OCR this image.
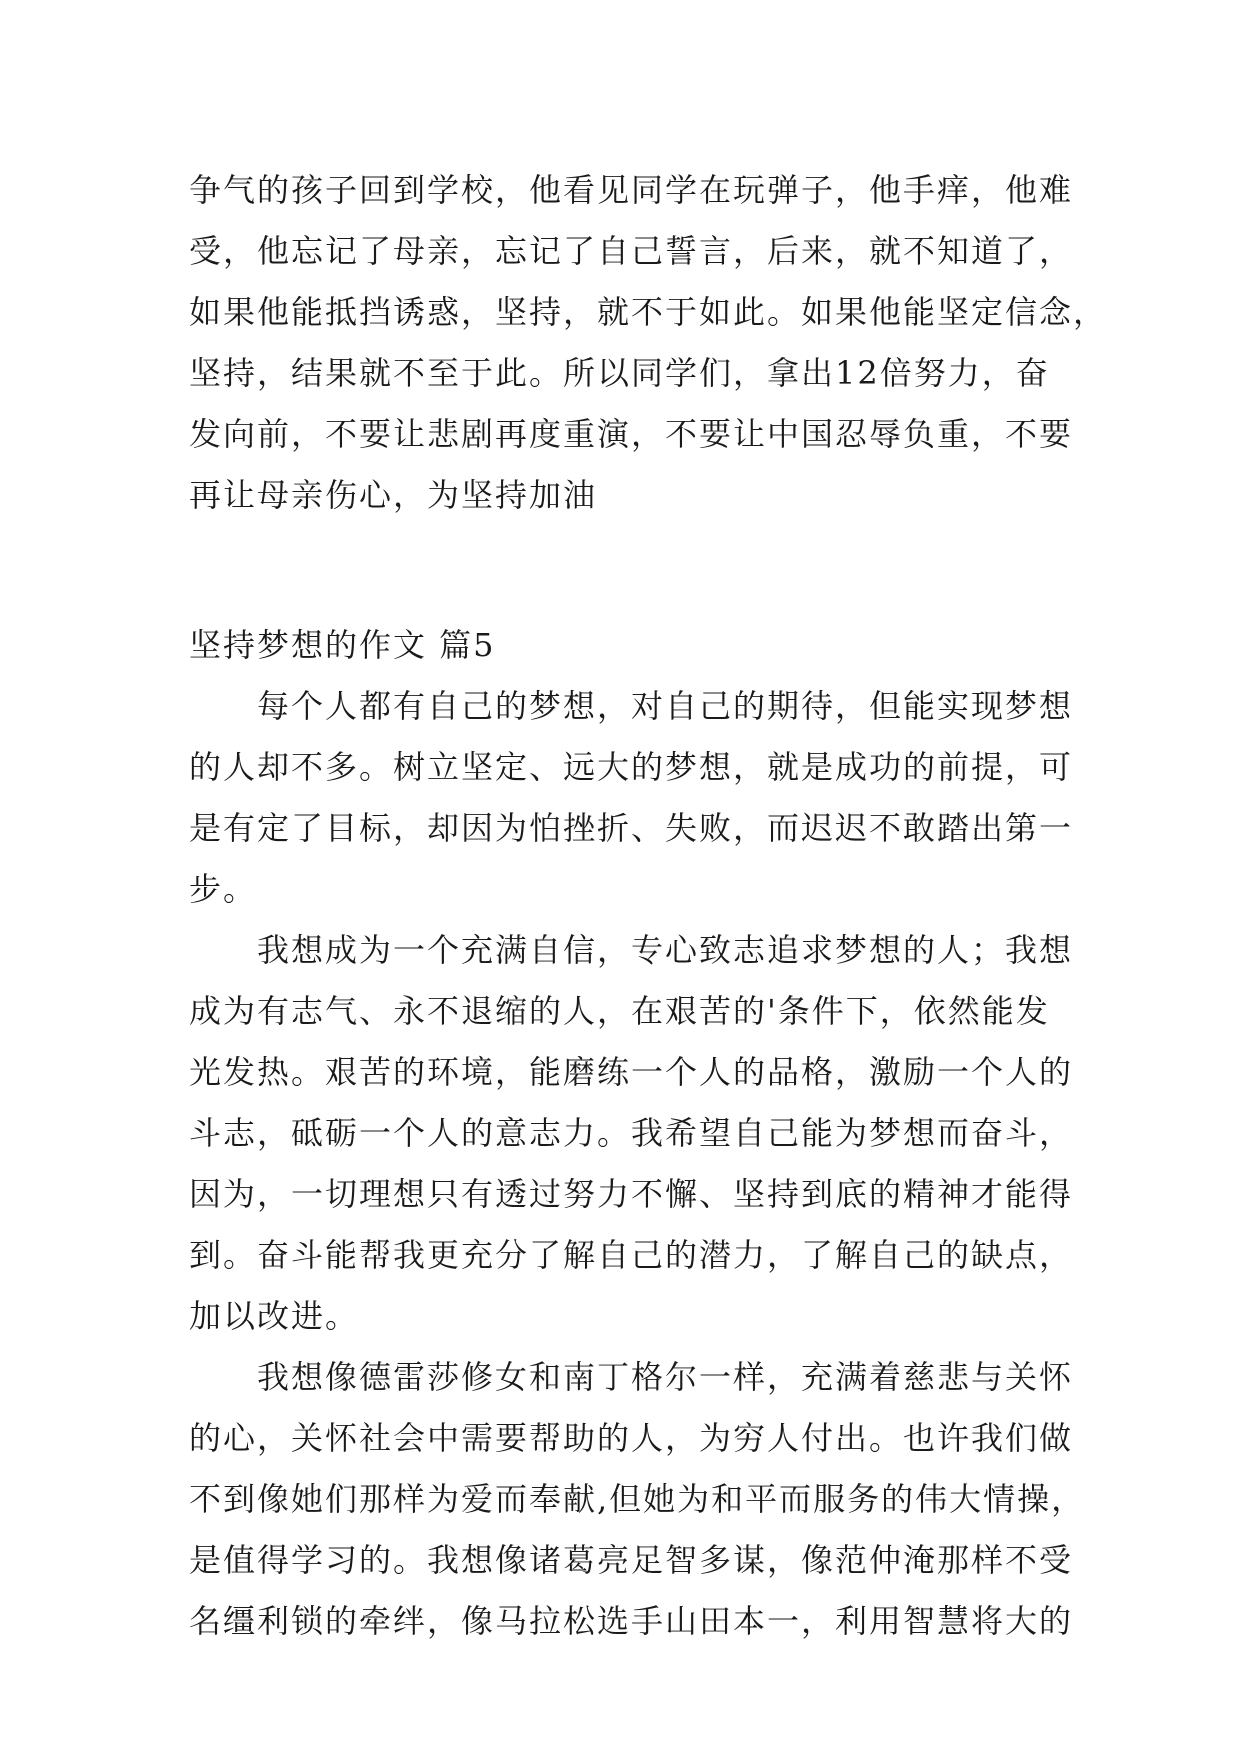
争气的孩子回到学校，他看见同学在玩弹子，他手痒，他难
受，他忘记了母亲，忘记了自己誓言，后来，就不知道了，
如果他能抵挡诱惑，坚持，就不于如此。如果他能坚定信念，
坚持，结果就不至于此。所以同学们，拿出12倍努力，奋
发向前，不要让悲剧再度重演，不要让中国忍辱负重，不要
再让母亲伤心，为坚持加油
坚持梦想的作文 篇5
每个人都有自己的梦想，对自己的期待，但能实现梦想
的人却不多。树立坚定、远大的梦想，就是成功的前提，可
是有定了目标，却因为怕挫折、失败，而迟迟不敢踏出第一
步。
我想成为一个充满自信，专心致志追求梦想的人；我想
成为有志气、永不退缩的人，在艰苦的'条件下，依然能发
光发热。艰苦的环境，能磨练一个人的品格，激励一个人的
斗志，砥砺一个人的意志力。我希望自己能为梦想而奋斗，
因为，一切理想只有透过努力不懈、坚持到底的精神才能得
到。奋斗能帮我更充分了解自己的潜力，了解自己的缺点，
加以改进。
我想像德雷莎修女和南丁格尔一样，充满着慈悲与关怀
的心，关怀社会中需要帮助的人，为穷人付出。也许我们做
不到像她们那样为爱而奉献,但她为和平而服务的伟大情操，
是值得学习的。我想像诸葛亮足智多谋，像范仲淹那样不受
名缰利锁的牵绊，像马拉松选手山田本一，利用智慧将大的
